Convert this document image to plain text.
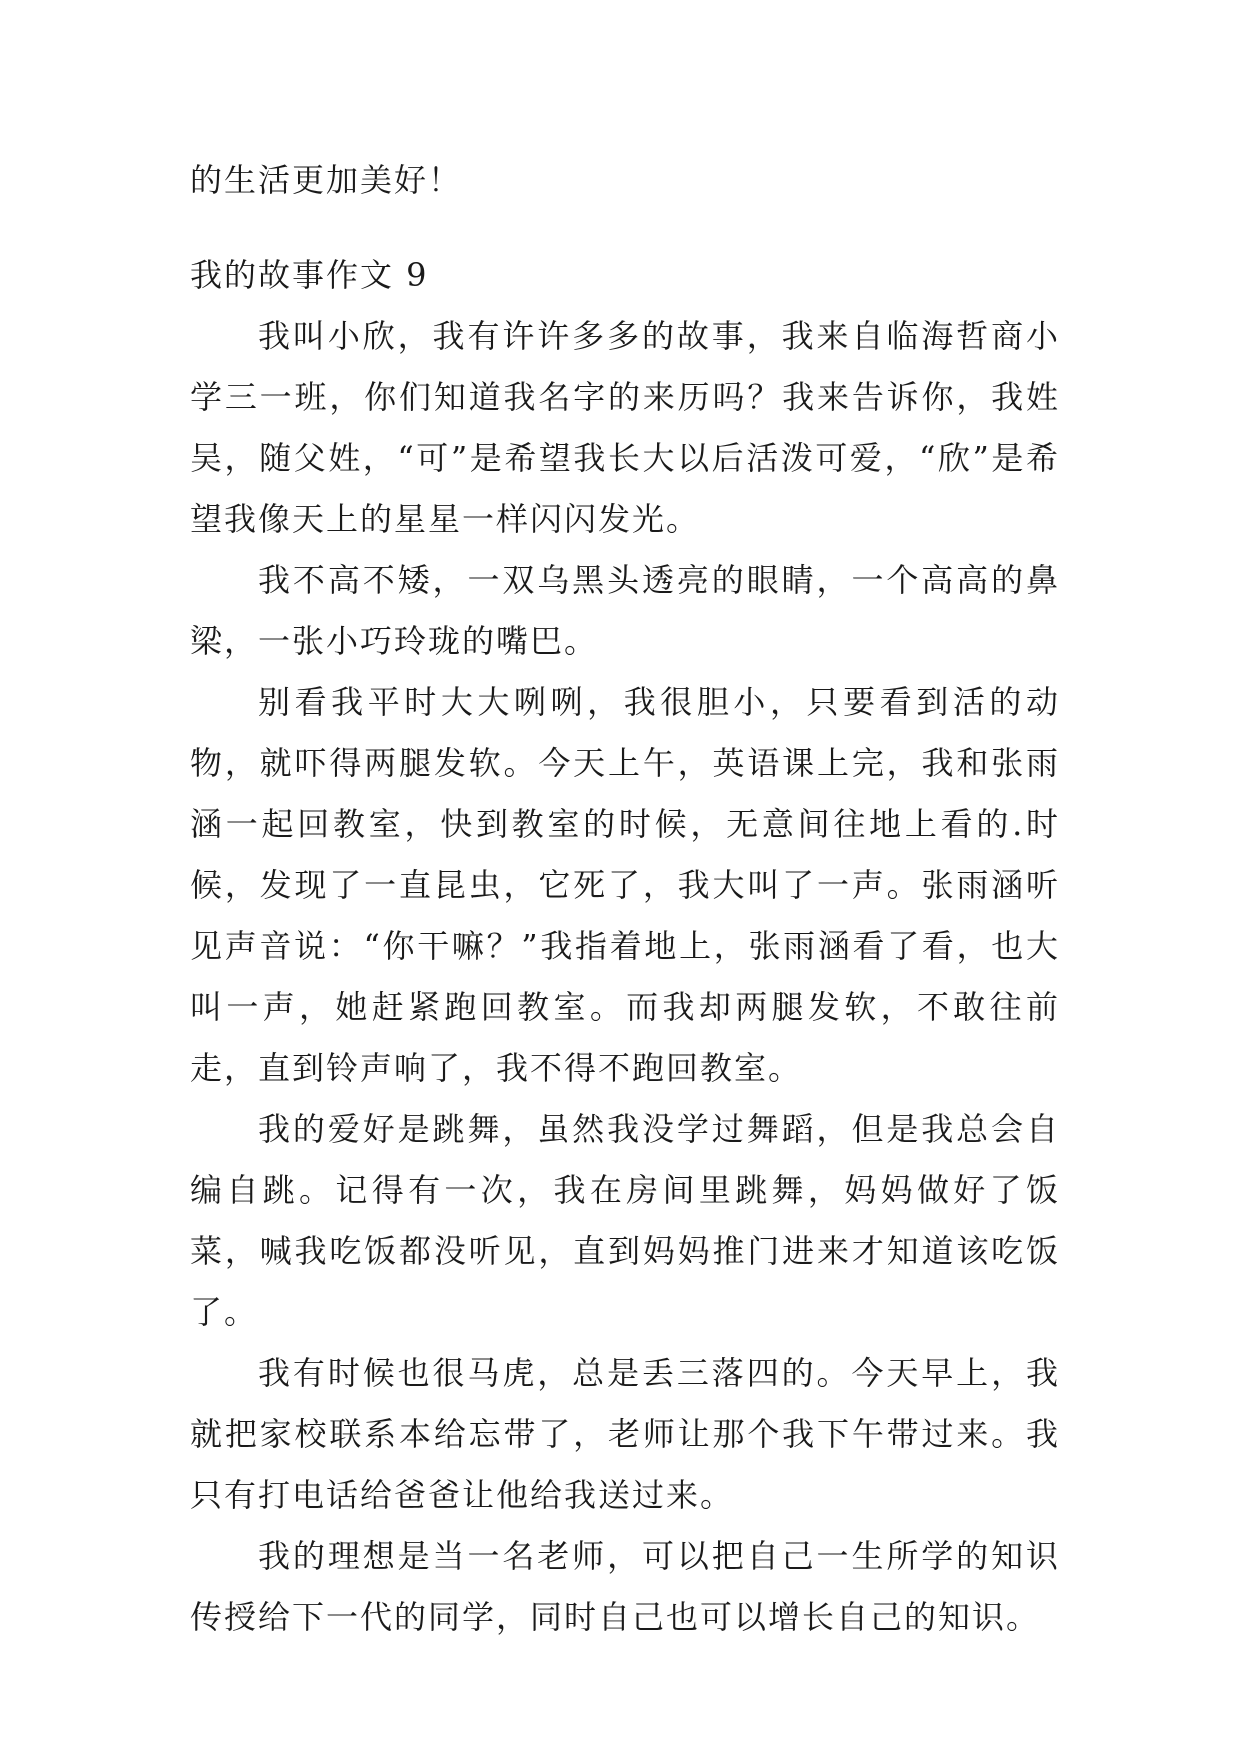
的生活更加美好！

我的故事作文 9

我叫小欣，我有许许多多的故事，我来自临海哲商小学三一班，你们知道我名字的来历吗？我来告诉你，我姓吴，随父姓，“可”是希望我长大以后活泼可爱，“欣”是希望我像天上的星星一样闪闪发光。

我不高不矮，一双乌黑头透亮的眼睛，一个高高的鼻梁，一张小巧玲珑的嘴巴。

别看我平时大大咧咧，我很胆小，只要看到活的动物，就吓得两腿发软。今天上午，英语课上完，我和张雨涵一起回教室，快到教室的时候，无意间往地上看的.时候，发现了一直昆虫，它死了，我大叫了一声。张雨涵听见声音说：“你干嘛？”我指着地上，张雨涵看了看，也大叫一声，她赶紧跑回教室。而我却两腿发软，不敢往前走，直到铃声响了，我不得不跑回教室。

我的爱好是跳舞，虽然我没学过舞蹈，但是我总会自编自跳。记得有一次，我在房间里跳舞，妈妈做好了饭菜，喊我吃饭都没听见，直到妈妈推门进来才知道该吃饭了。

我有时候也很马虎，总是丢三落四的。今天早上，我就把家校联系本给忘带了，老师让那个我下午带过来。我只有打电话给爸爸让他给我送过来。

我的理想是当一名老师，可以把自己一生所学的知识传授给下一代的同学，同时自己也可以增长自己的知识。
